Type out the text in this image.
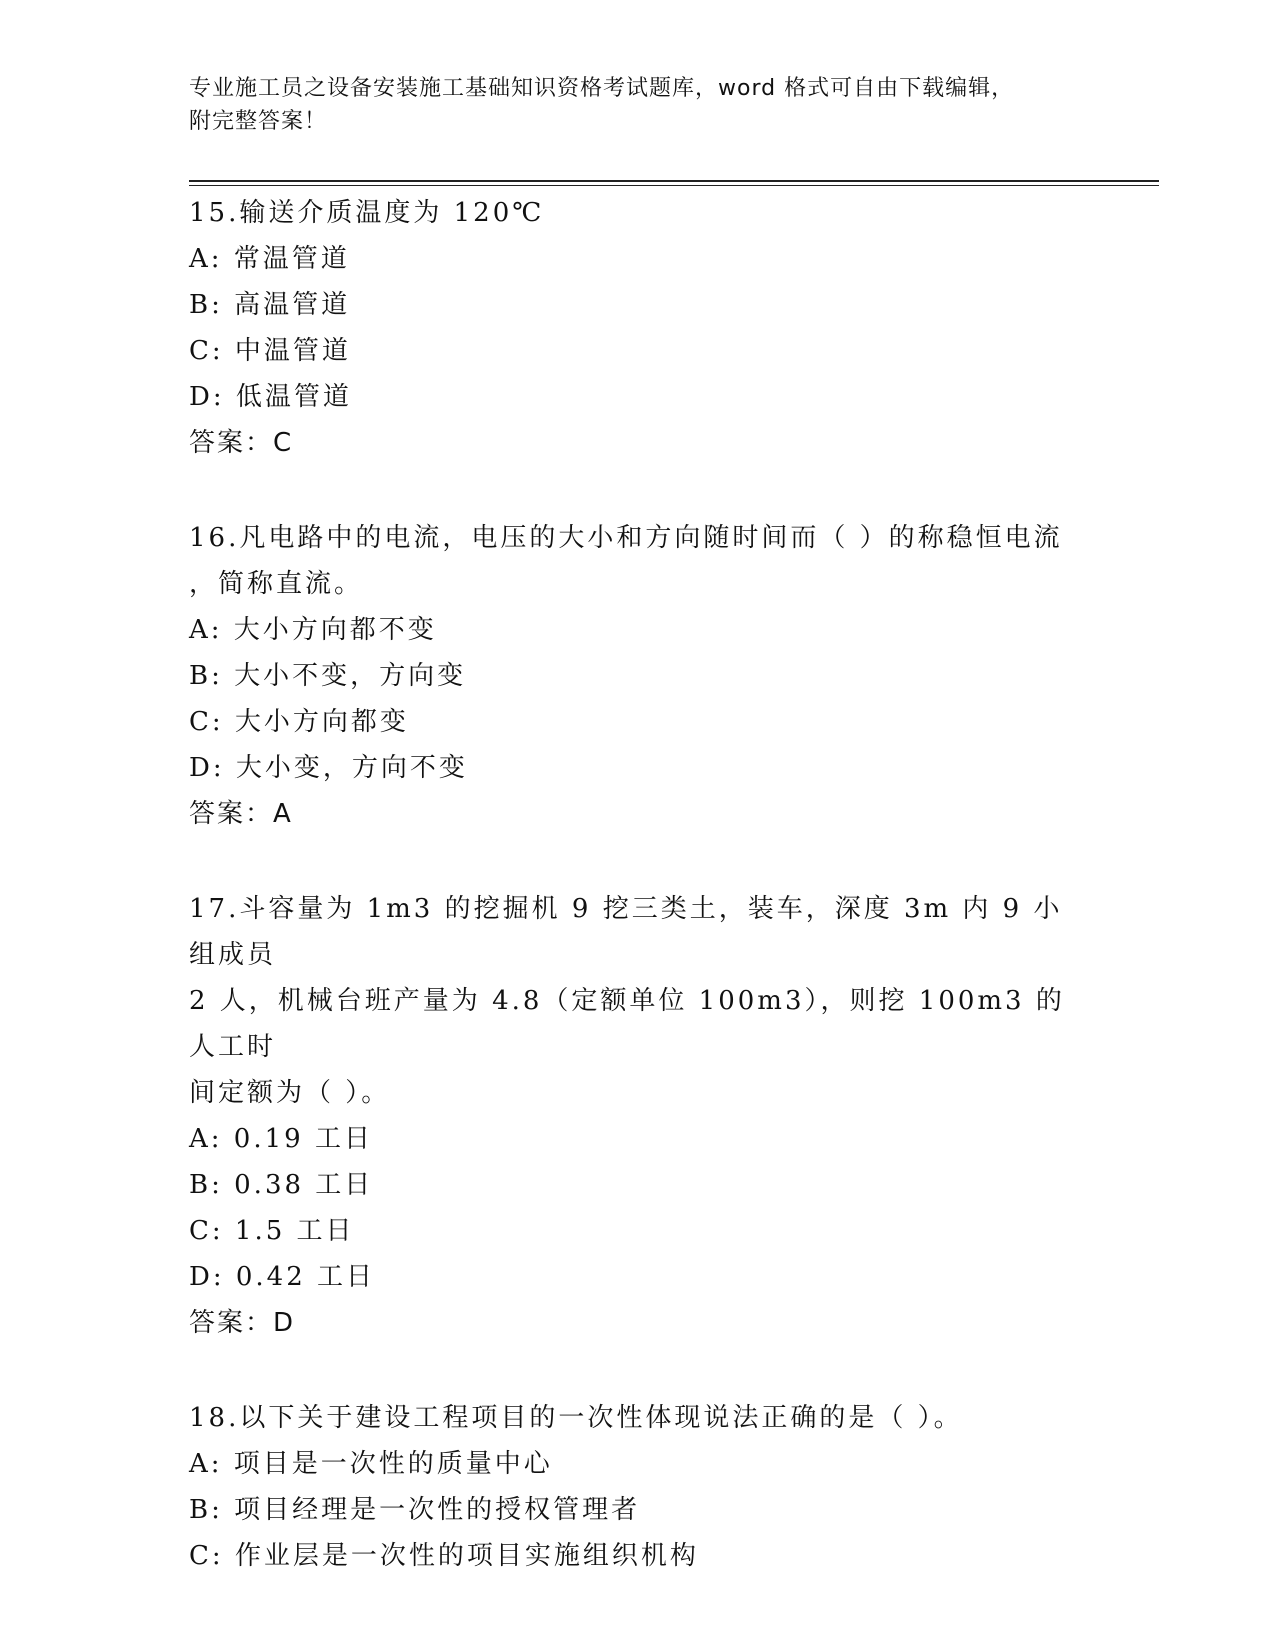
专业施工员之设备安装施工基础知识资格考试题库，word 格式可自由下载编辑，
附完整答案！
15.输送介质温度为 120℃
A: 常温管道
B: 高温管道
C: 中温管道
D: 低温管道
答案：C
16.凡电路中的电流，电压的大小和方向随时间而（ ）的称稳恒电流
，简称直流。
A: 大小方向都不变
B: 大小不变，方向变
C: 大小方向都变
D: 大小变，方向不变
答案：A
17.斗容量为 1m3 的挖掘机 9 挖三类土，装车，深度 3m 内 9 小组成员
2 人，机械台班产量为 4.8（定额单位 100m3），则挖 100m3 的人工时
间定额为（ ）。
A: 0.19 工日
B: 0.38 工日
C: 1.5 工日
D: 0.42 工日
答案：D
18.以下关于建设工程项目的一次性体现说法正确的是（ ）。
A: 项目是一次性的质量中心
B: 项目经理是一次性的授权管理者
C: 作业层是一次性的项目实施组织机构
